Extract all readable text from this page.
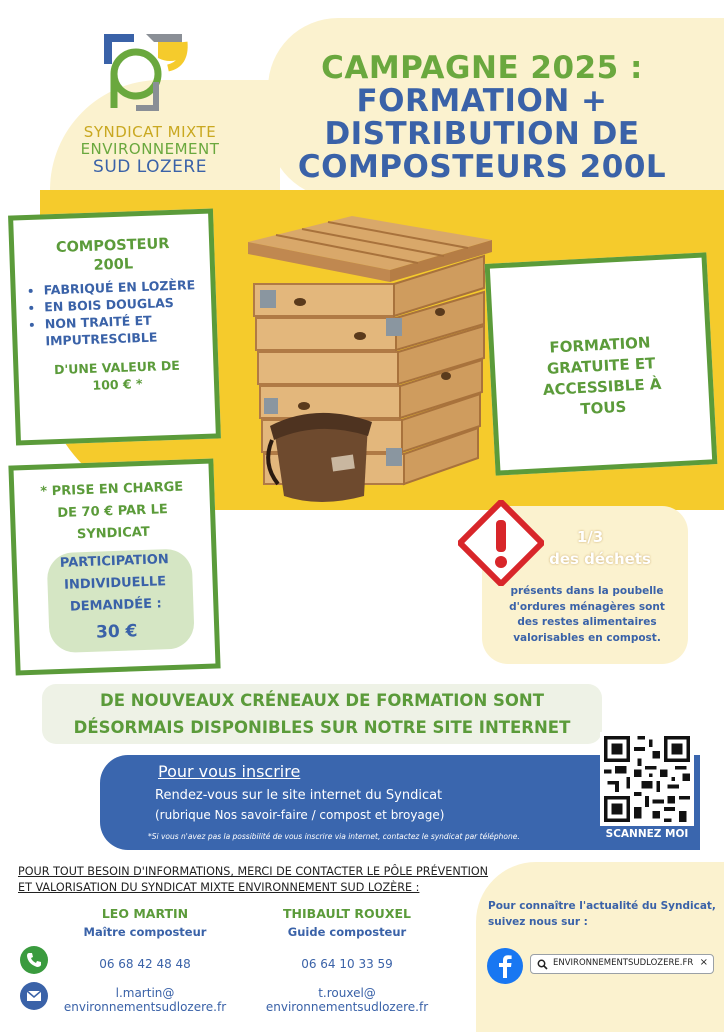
SYNDICAT MIXTE
ENVIRONNEMENT
SUD LOZERE
CAMPAGNE 2025 :
FORMATION +
DISTRIBUTION DE
COMPOSTEURS 200L
COMPOSTEUR
200L
• FABRIQUÉ EN LOZÈRE
• EN BOIS DOUGLAS
• NON TRAITÉ ET IMPUTRESCIBLE
D'UNE VALEUR DE
100 € *
FORMATION
GRATUITE ET
ACCESSIBLE À
TOUS
* PRISE EN CHARGE
DE 70 € PAR LE
SYNDICAT
PARTICIPATION
INDIVIDUELLE
DEMANDÉE :
30 €
1/3
des déchets
présents dans la poubelle
d'ordures ménagères sont
des restes alimentaires
valorisables en compost.
DE NOUVEAUX CRÉNEAUX DE FORMATION SONT
DÉSORMAIS DISPONIBLES SUR NOTRE SITE INTERNET
Pour vous inscrire
Rendez-vous sur le site internet du Syndicat
(rubrique Nos savoir-faire / compost et broyage)
*Si vous n'avez pas la possibilité de vous inscrire via internet, contactez le syndicat par téléphone.	SCANNEZ MOI
POUR TOUT BESOIN D'INFORMATIONS, MERCI DE CONTACTER LE PÔLE PRÉVENTION
ET VALORISATION DU SYNDICAT MIXTE ENVIRONNEMENT SUD LOZÈRE :
LEO MARTIN
Maître composteur
06 68 42 48 48
l.martin@
environnementsudlozere.fr
THIBAULT ROUXEL
Guide composteur
06 64 10 33 59
t.rouxel@
environnementsudlozere.fr
Pour connaître l'actualité du Syndicat,
suivez nous sur :
ENVIRONNEMENTSUDLOZERE.FR ×
